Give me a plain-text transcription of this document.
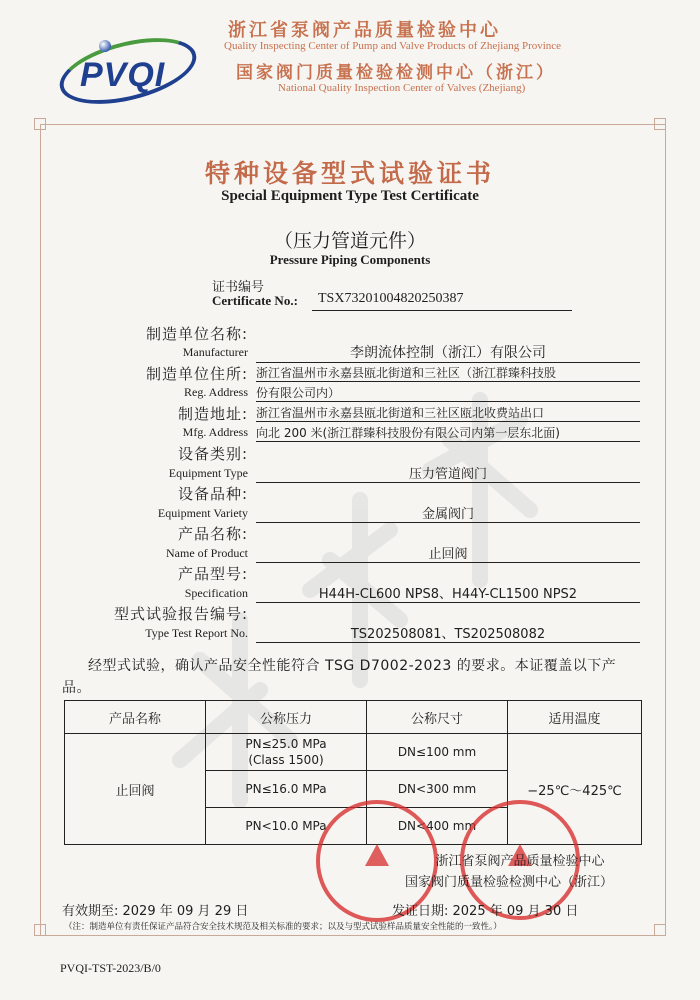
PVQI
浙江省泵阀产品质量检验中心
Quality Inspecting Center of Pump and Valve Products of Zhejiang Province
国家阀门质量检验检测中心（浙江）
National Quality Inspection Center of Valves (Zhejiang)
特种设备型式试验证书
Special Equipment Type Test Certificate
（压力管道元件）
Pressure Piping Components
证书编号
Certificate No.: TSX73201004820250387
制造单位名称:
Manufacturer	李朗流体控制（浙江）有限公司
制造单位住所: 浙江省温州市永嘉县瓯北街道和三社区（浙江群臻科技股
Reg. Address 份有限公司内）
制造地址: 浙江省温州市永嘉县瓯北街道和三社区瓯北收费站出口
Mfg. Address 向北 200 米(浙江群臻科技股份有限公司内第一层东北面)
设备类别:
Equipment Type	压力管道阀门
设备品种:
Equipment Variety	金属阀门
产品名称:
Name of Product	止回阀
产品型号:
Specification	H44H-CL600 NPS8、H44Y-CL1500 NPS2
型式试验报告编号:
Type Test Report No.	TS202508081、TS202508082
经型式试验，确认产品安全性能符合 TSG D7002-2023 的要求。本证覆盖以下产品。
产品名称	公称压力	公称尺寸	适用温度
止回阀	PN≤25.0 MPa
(Class 1500)	DN≤100 mm	−25℃～425℃
	PN≤16.0 MPa	DN<300 mm	
	PN<10.0 MPa	DN<400 mm	
浙江省泵阀产品质量检验中心
国家阀门质量检验检测中心（浙江）
有效期至: 2029 年 09 月 29 日	发证日期: 2025 年 09 月 30 日
（注：制造单位有责任保证产品符合安全技术规范及相关标准的要求；以及与型式试验样品质量安全性能的一致性。）
PVQI-TST-2023/B/0
